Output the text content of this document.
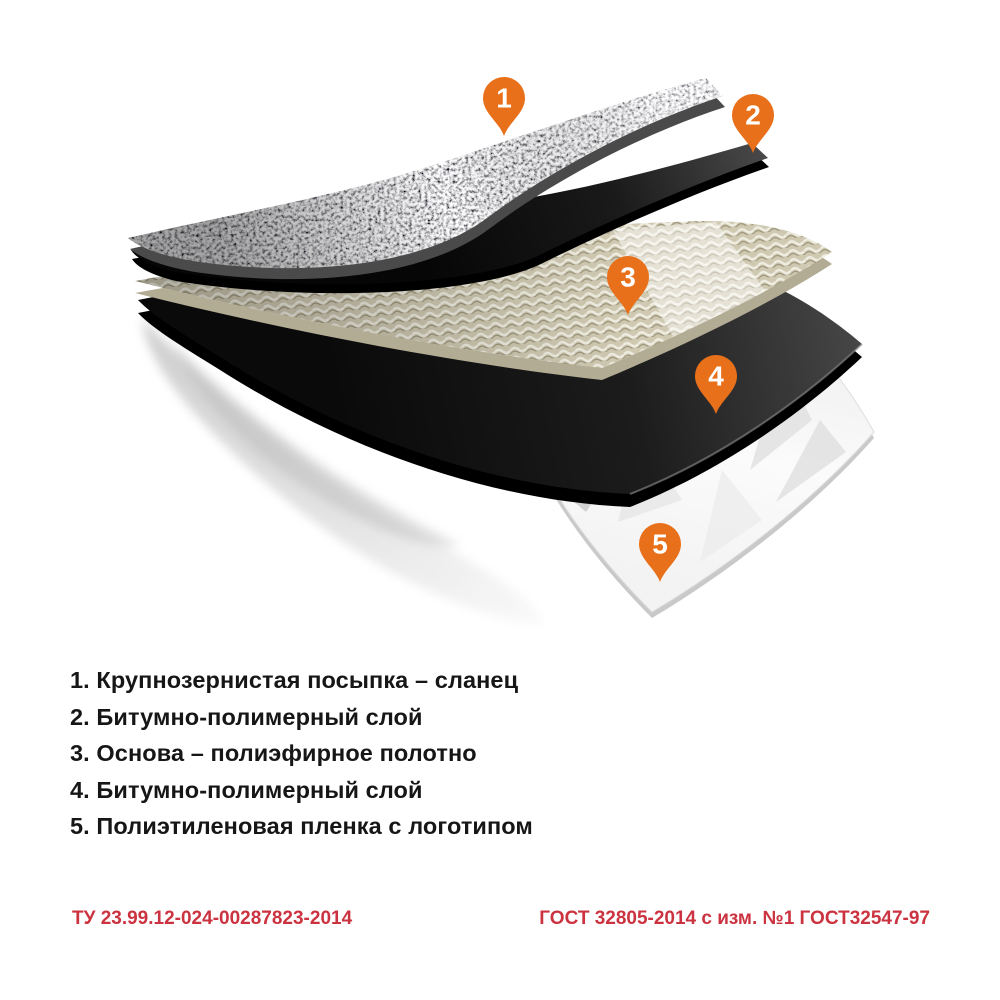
1
2
3
4
5
1. Крупнозернистая посыпка – сланец
2. Битумно-полимерный слой
3. Основа – полиэфирное полотно
4. Битумно-полимерный слой
5. Полиэтиленовая пленка с логотипом
ТУ 23.99.12-024-00287823-2014	ГОСТ 32805-2014 с изм. №1 ГОСТ32547-97
